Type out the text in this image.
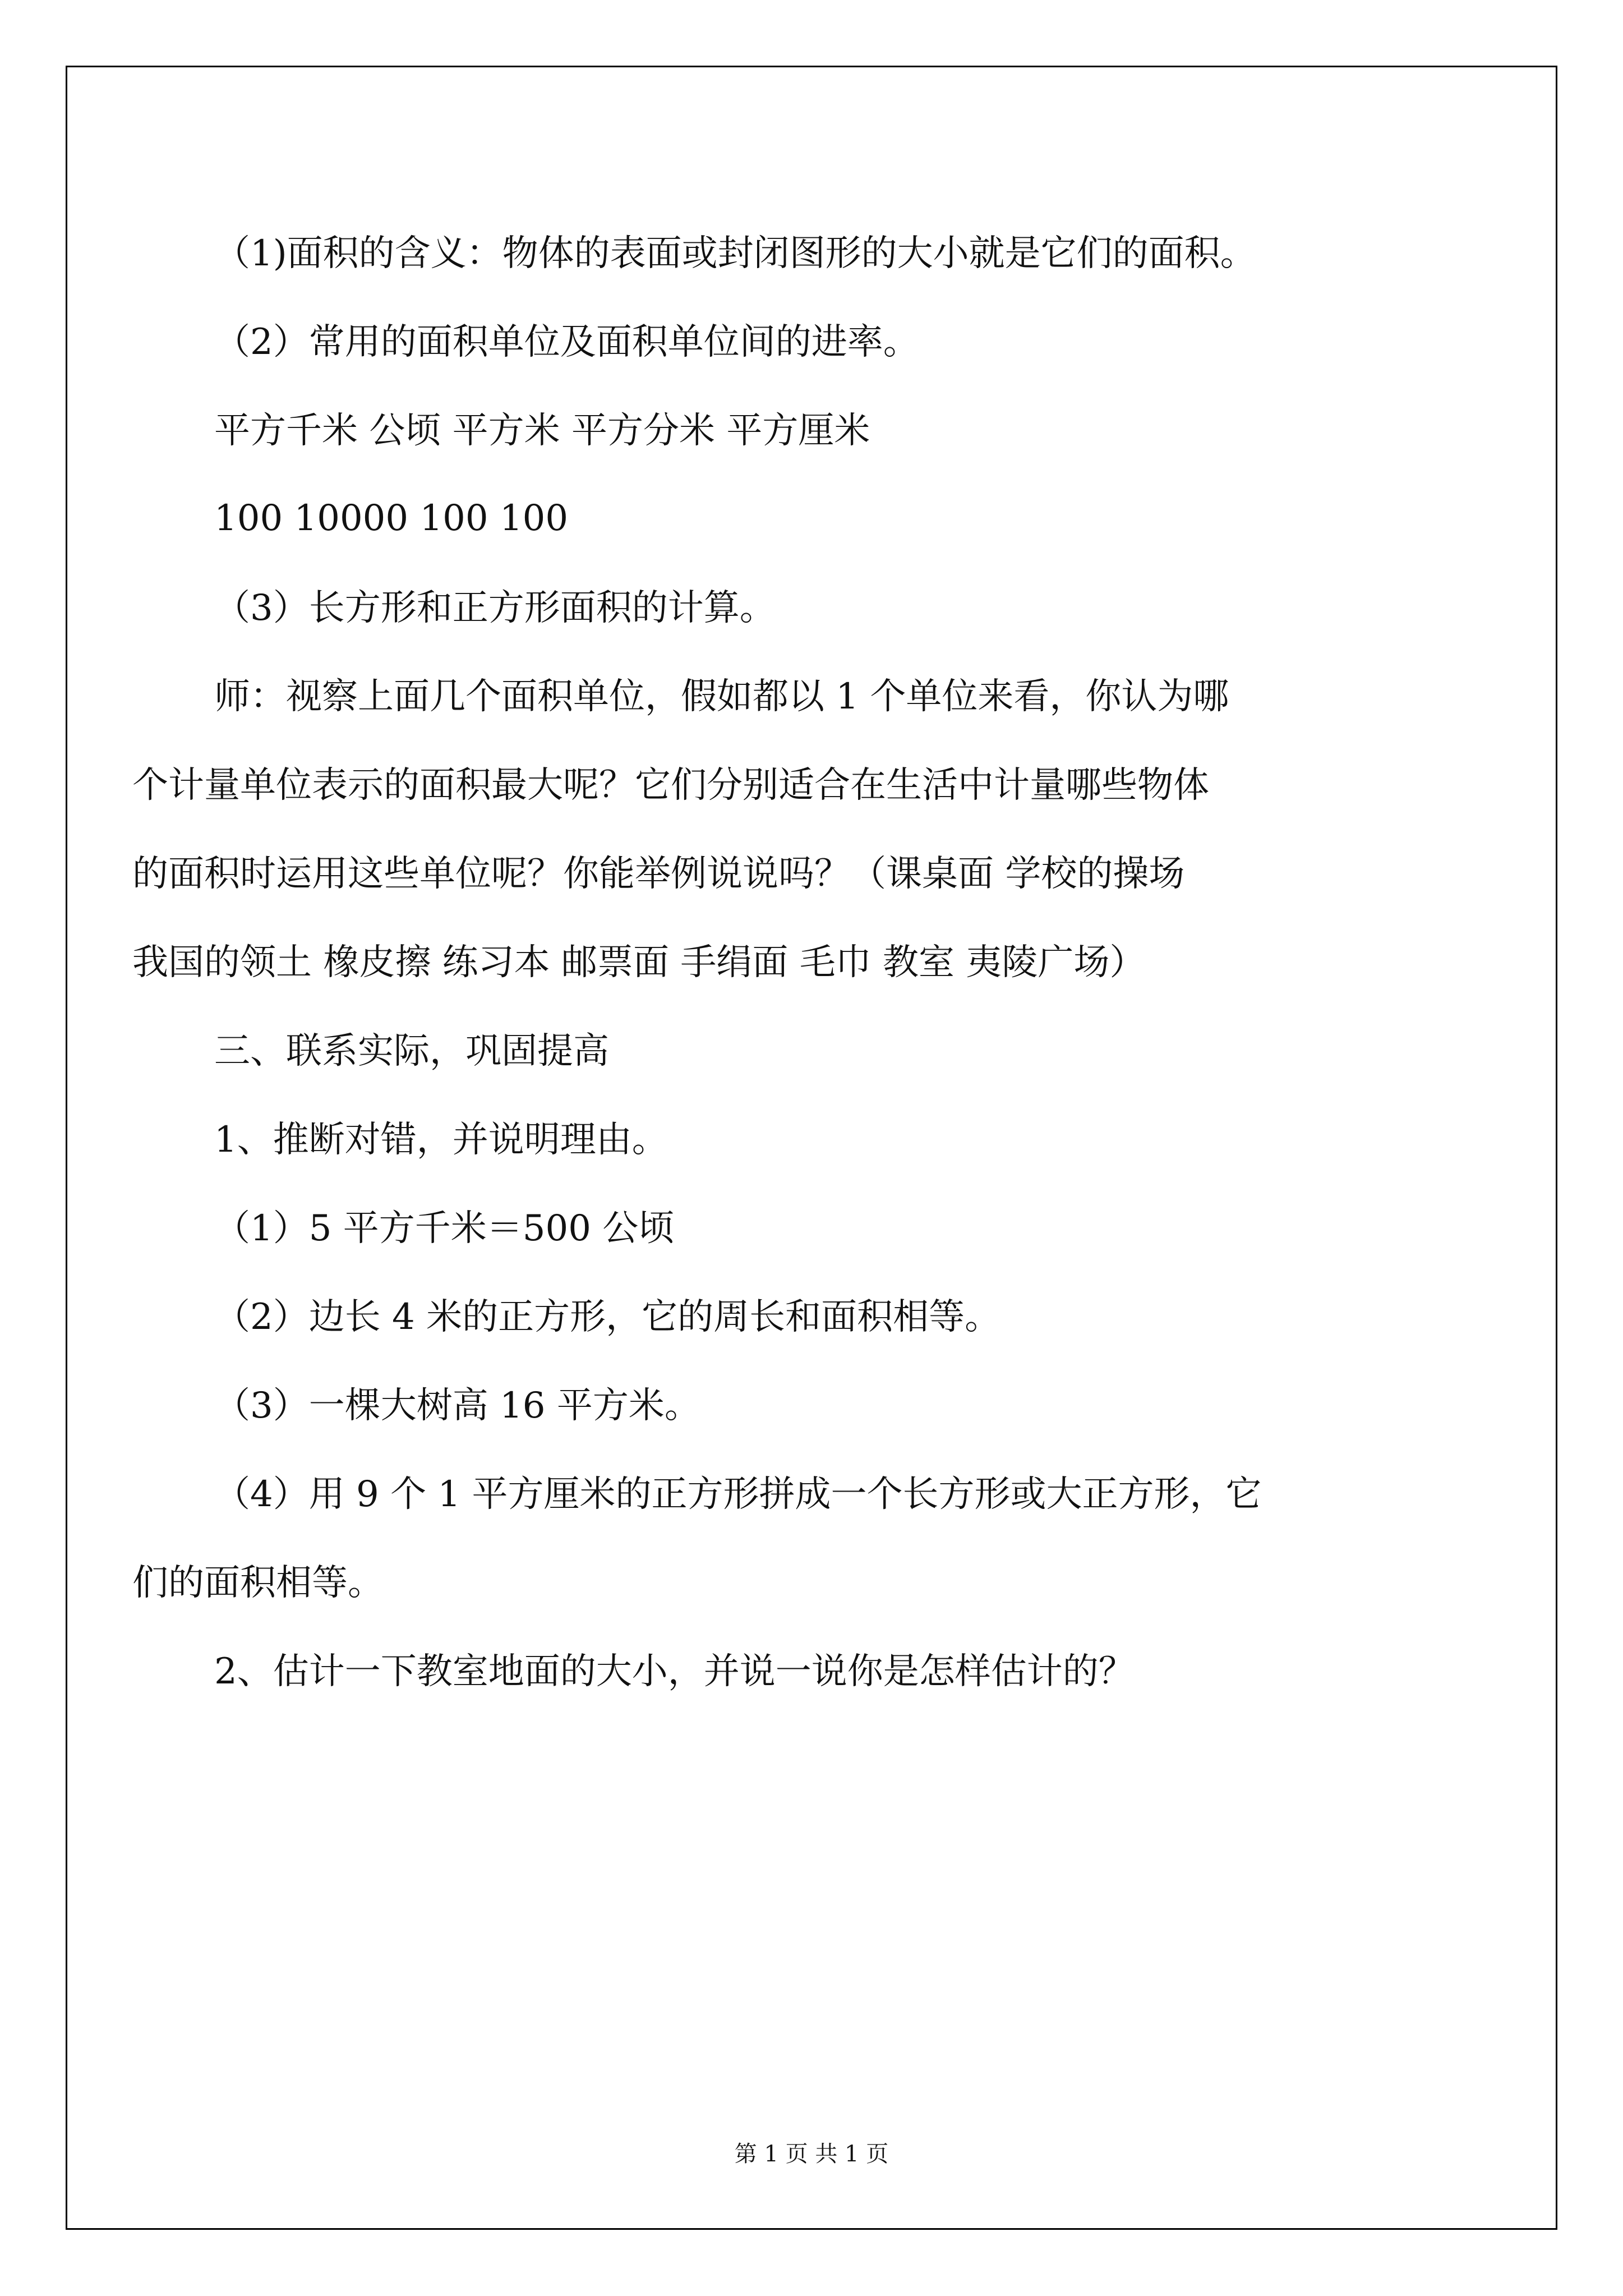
（1)面积的含义：物体的表面或封闭图形的大小就是它们的面积。
（2）常用的面积单位及面积单位间的进率。
平方千米 公顷 平方米 平方分米 平方厘米
100 10000 100 100
（3）长方形和正方形面积的计算。
师：视察上面几个面积单位，假如都以 1 个单位来看，你认为哪
个计量单位表示的面积最大呢？它们分别适合在生活中计量哪些物体
的面积时运用这些单位呢？你能举例说说吗？（课桌面 学校的操场
我国的领土 橡皮擦 练习本 邮票面 手绢面 毛巾 教室 夷陵广场）
三、联系实际，巩固提高
1、推断对错，并说明理由。
（1）5 平方千米＝500 公顷
（2）边长 4 米的正方形，它的周长和面积相等。
（3）一棵大树高 16 平方米。
（4）用 9 个 1 平方厘米的正方形拼成一个长方形或大正方形，它
们的面积相等。
2、估计一下教室地面的大小，并说一说你是怎样估计的？
第 1 页 共 1 页
